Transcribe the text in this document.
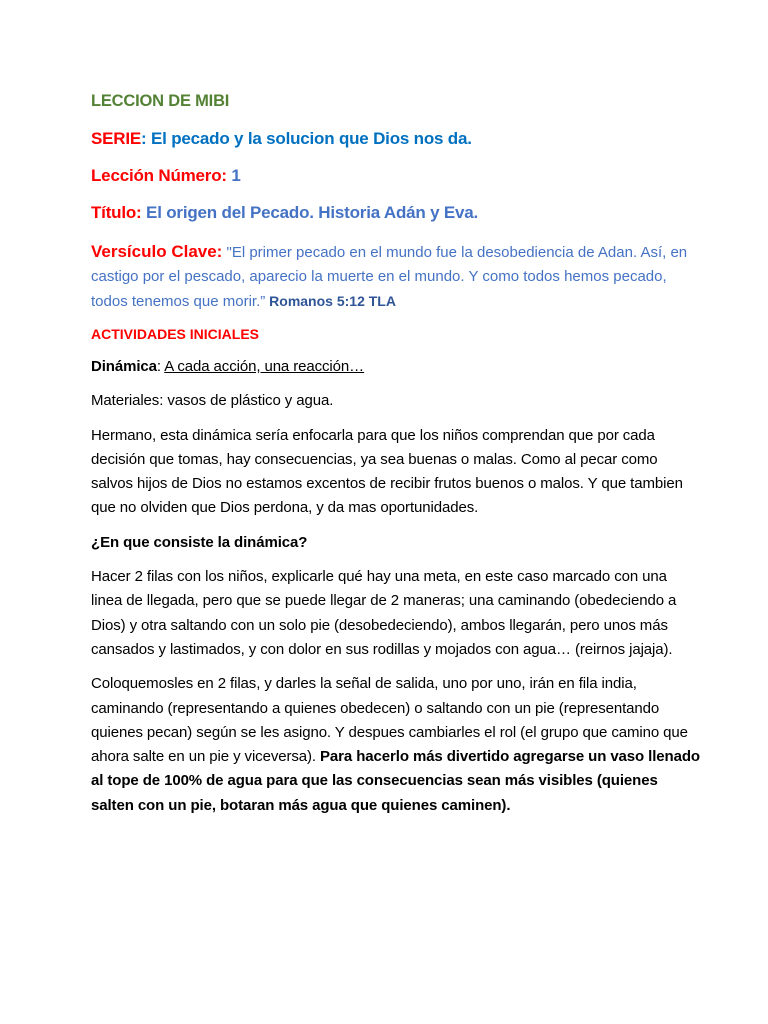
LECCION DE MIBI
SERIE: El pecado y la solucion que Dios nos da.
Lección Número: 1
Título: El origen del Pecado. Historia Adán y Eva.
Versículo Clave: "El primer pecado en el mundo fue la desobediencia de Adan. Así, en castigo por el pescado, aparecio la muerte en el mundo. Y como todos hemos pecado, todos tenemos que morir.” Romanos 5:12 TLA
ACTIVIDADES INICIALES

Dinámica: A cada acción, una reacción…

Materiales: vasos de plástico y agua.

Hermano, esta dinámica sería enfocarla para que los niños comprendan que por cada decisión que tomas, hay consecuencias, ya sea buenas o malas. Como al pecar como salvos hijos de Dios no estamos excentos de recibir frutos buenos o malos. Y que tambien que no olviden que Dios perdona, y da mas oportunidades.

¿En que consiste la dinámica?

Hacer 2 filas con los niños, explicarle qué hay una meta, en este caso marcado con una linea de llegada, pero que se puede llegar de 2 maneras; una caminando (obedeciendo a Dios) y otra saltando con un solo pie (desobedeciendo), ambos llegarán, pero unos más cansados y lastimados, y con dolor en sus rodillas y mojados con agua… (reirnos jajaja).

Coloquemosles en 2 filas, y darles la señal de salida, uno por uno, irán en fila india, caminando (representando a quienes obedecen) o saltando con un pie (representando quienes pecan) según se les asigno. Y despues cambiarles el rol (el grupo que camino que ahora salte en un pie y viceversa). Para hacerlo más divertido agregarse un vaso llenado al tope de 100% de agua para que las consecuencias sean más visibles (quienes salten con un pie, botaran más agua que quienes caminen).
